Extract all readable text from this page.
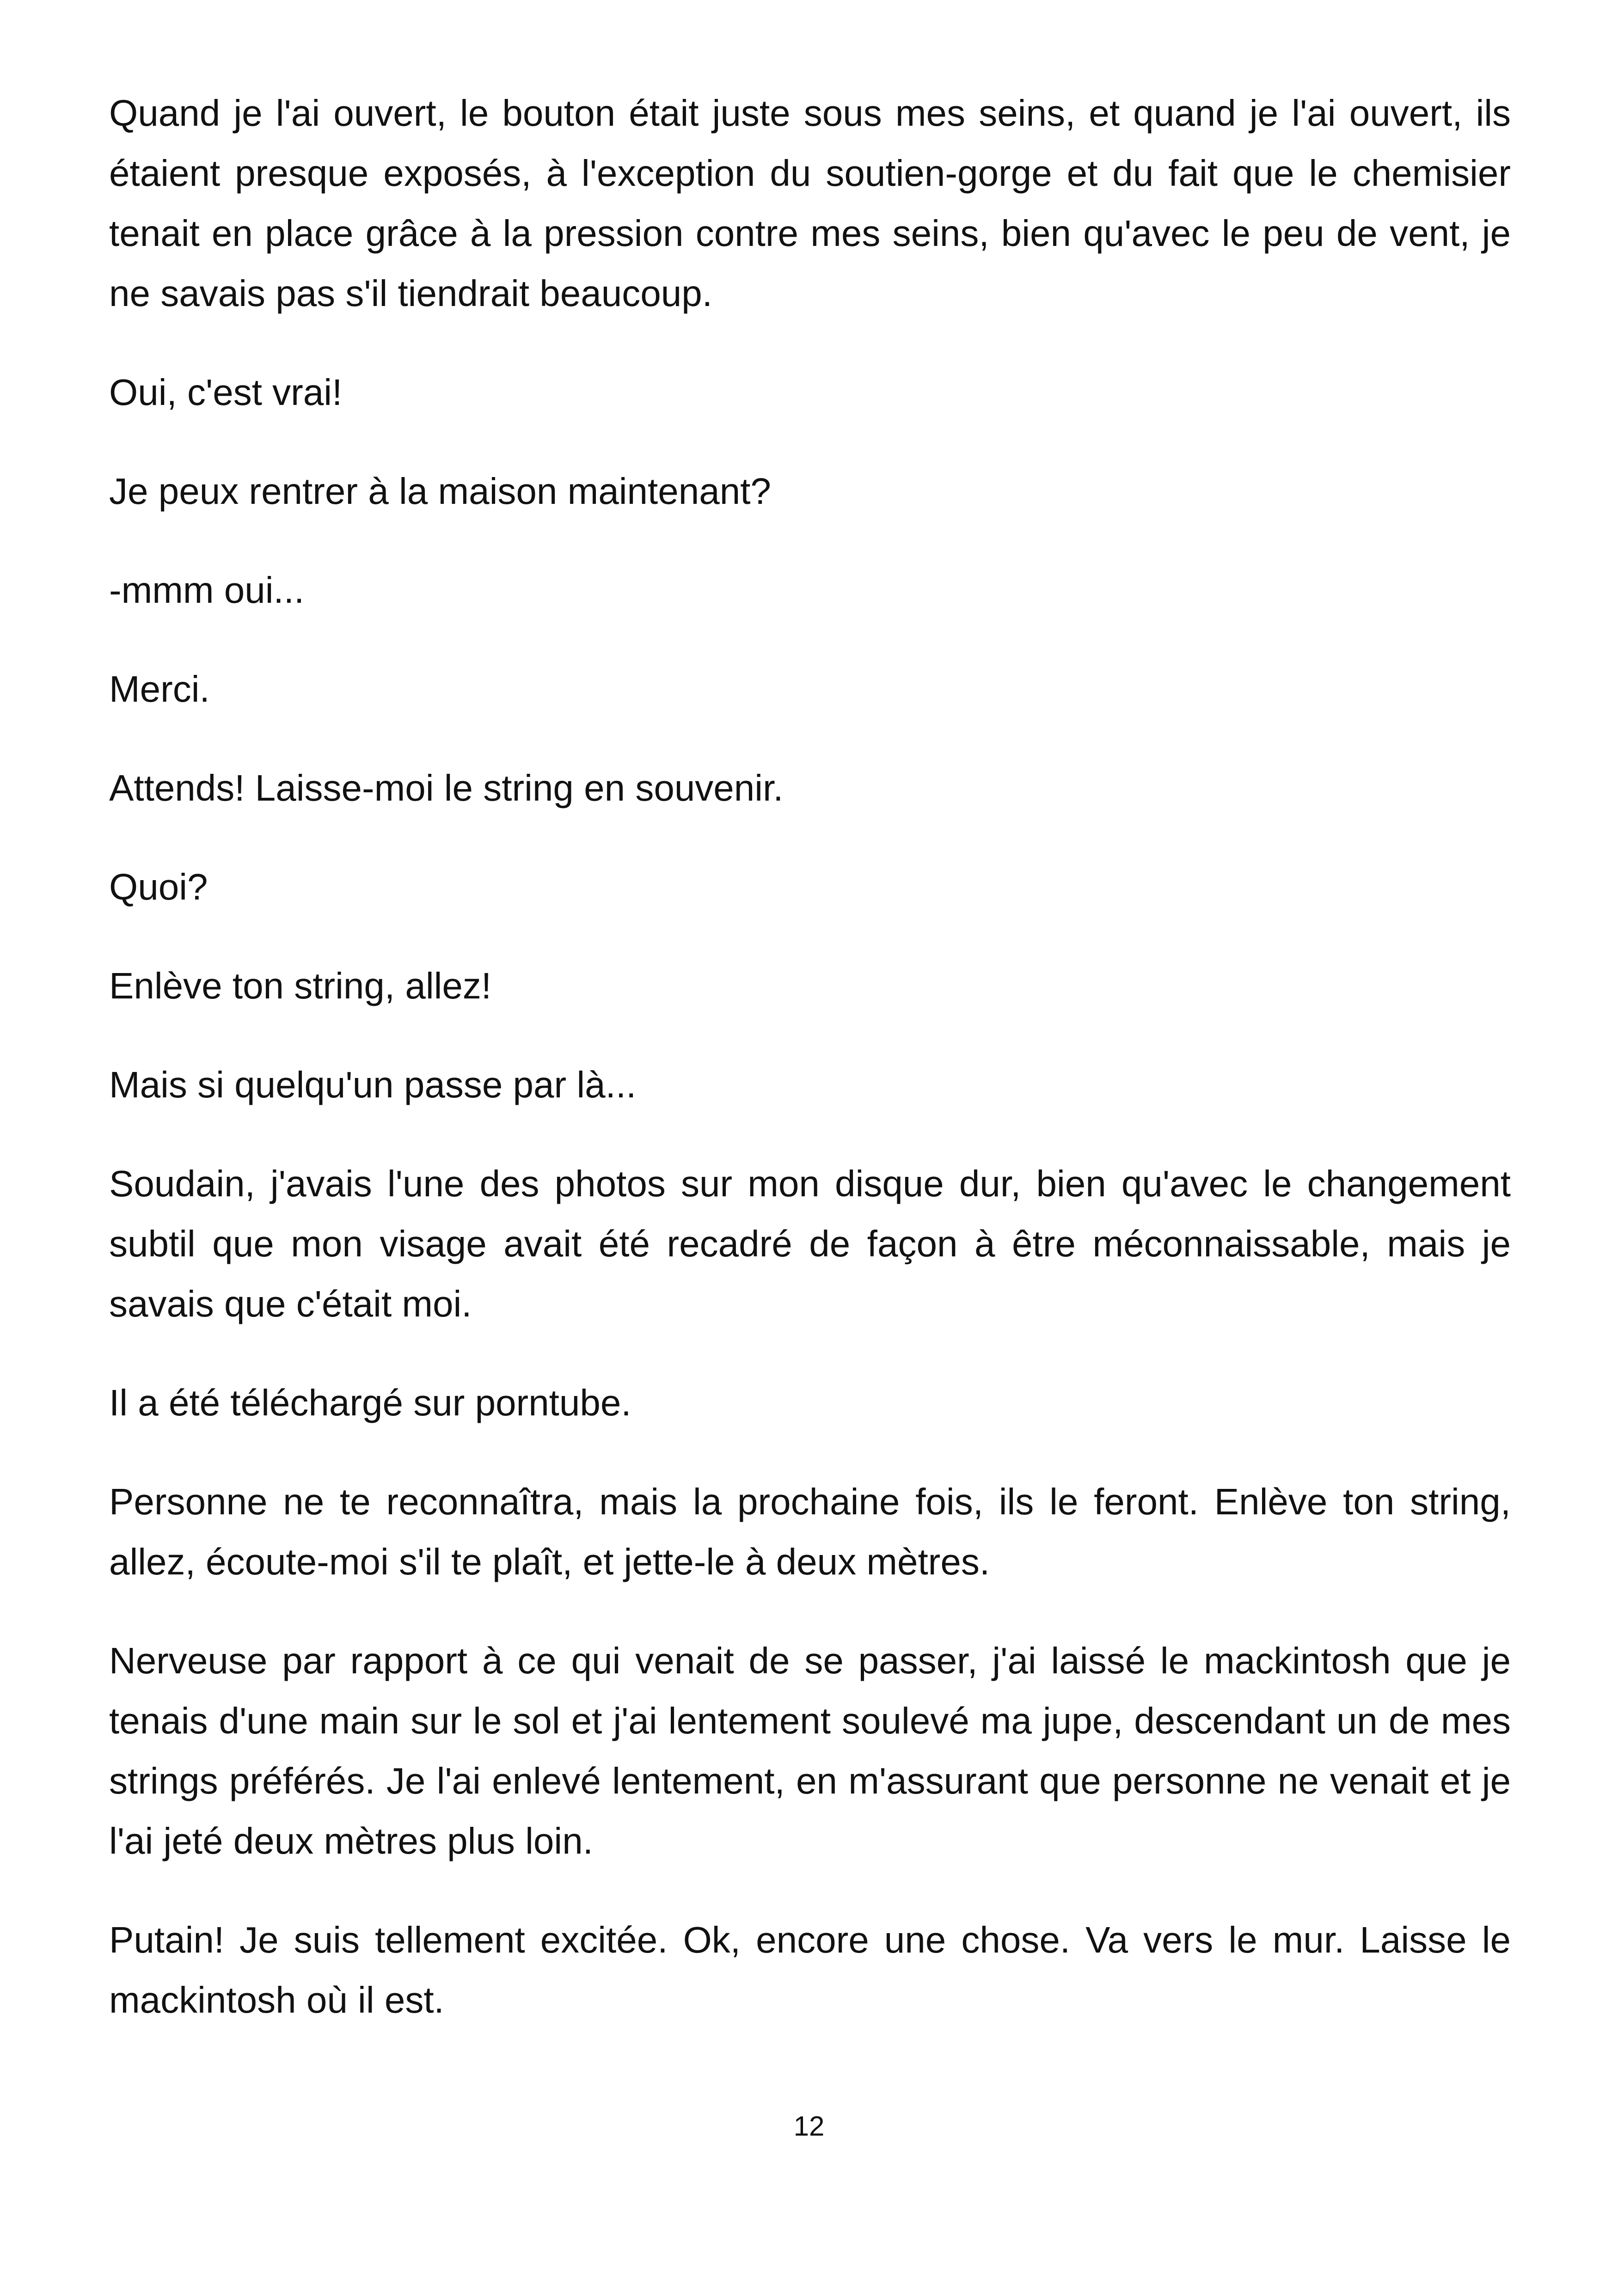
Quand je l'ai ouvert, le bouton était juste sous mes seins, et quand je l'ai ouvert, ils étaient presque exposés, à l'exception du soutien-gorge et du fait que le chemisier tenait en place grâce à la pression contre mes seins, bien qu'avec le peu de vent, je ne savais pas s'il tiendrait beaucoup.

Oui, c'est vrai!

Je peux rentrer à la maison maintenant?

-mmm oui...

Merci.

Attends! Laisse-moi le string en souvenir.

Quoi?

Enlève ton string, allez!

Mais si quelqu'un passe par là...

Soudain, j'avais l'une des photos sur mon disque dur, bien qu'avec le changement subtil que mon visage avait été recadré de façon à être méconnaissable, mais je savais que c'était moi.

Il a été téléchargé sur porntube.

Personne ne te reconnaîtra, mais la prochaine fois, ils le feront. Enlève ton string, allez, écoute-moi s'il te plaît, et jette-le à deux mètres.

Nerveuse par rapport à ce qui venait de se passer, j'ai laissé le mackintosh que je tenais d'une main sur le sol et j'ai lentement soulevé ma jupe, descendant un de mes strings préférés. Je l'ai enlevé lentement, en m'assurant que personne ne venait et je l'ai jeté deux mètres plus loin.

Putain! Je suis tellement excitée. Ok, encore une chose. Va vers le mur. Laisse le mackintosh où il est.

12
